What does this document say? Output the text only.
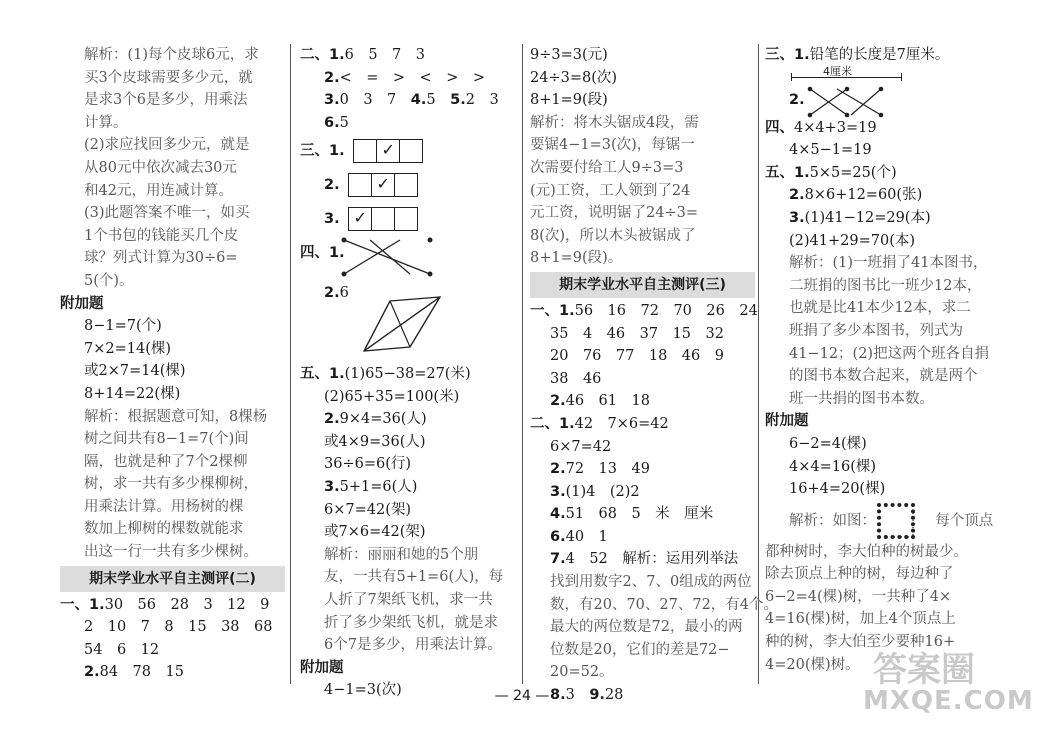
解析：(1)每个皮球6元，求
买3个皮球需要多少元，就
是求3个6是多少，用乘法
计算。
(2)求应找回多少元，就是
从80元中依次减去30元
和42元，用连减计算。
(3)此题答案不唯一，如买
1个书包的钱能买几个皮
球？列式计算为30÷6=
5(个)。
附加题
8−1=7(个)
7×2=14(棵)
或2×7=14(棵)
8+14=22(棵)
解析：根据题意可知，8棵杨
树之间共有8−1=7(个)间
隔，也就是种了7个2棵柳
树，求一共有多少棵柳树，
用乘法计算。用杨树的棵
数加上柳树的棵数就能求
出这一行一共有多少棵树。
期末学业水平自主测评(二)
一、1.30　56　28　3　12　9
2　10　7　8　15　38　68
54　6　12
2.84　78　15
二、1.6　5　7　3
2.<　=　>　<　>　>
3.0　3　7　 4.5　 5.2　3
6.5
三、1. ✓
2. ✓
3. ✓
四、1.
2.6
五、1.(1)65−38=27(米)
(2)65+35=100(米)
2.9×4=36(人)
或4×9=36(人)
36÷6=6(行)
3.5+1=6(人)
6×7=42(架)
或7×6=42(架)
解析：丽丽和她的5个朋
友，一共有5+1=6(人)，每
人折了7架纸飞机，求一共
折了多少架纸飞机，就是求
6个7是多少，用乘法计算。
附加题
4−1=3(次)
9÷3=3(元)
24÷3=8(次)
8+1=9(段)
解析：将木头锯成4段，需
要锯4−1=3(次)，每锯一
次需要付给工人9÷3=3
(元)工资，工人领到了24
元工资，说明锯了24÷3=
8(次)，所以木头被锯成了
8+1=9(段)。
期末学业水平自主测评(三)
一、1.56　16　72　70　26　24
35　4　46　37　15　32
20　76　77　18　46　9
38　46
2.46　61　18
二、1.42　7×6=42
6×7=42
2.72　13　49
3.(1)4　(2)2
4.51　68　5　米　厘米
6.40　1
7.4　52　解析：运用列举法
找到用数字2、7、0组成的两位
数，有20、70、27、72，有4个。
最大的两位数是72，最小的两
位数是20，它们的差是72−
20=52。
8.3　 9.28
三、1.铅笔的长度是7厘米。
4厘米
2.
四、4×4+3=19
4×5−1=19
五、1.5×5=25(个)
2.8×6+12=60(张)
3.(1)41−12=29(本)
(2)41+29=70(本)
解析：(1)一班捐了41本图书，
二班捐的图书比一班少12本，
也就是比41本少12本，求二
班捐了多少本图书，列式为
41−12；(2)把这两个班各自捐
的图书本数合起来，就是两个
班一共捐的图书本数。
附加题
6−2=4(棵)
4×4=16(棵)
16+4=20(棵)
解析：如图：	每个顶点
都种树时，李大伯种的树最少。
除去顶点上种的树，每边种了
6−2=4(棵)树，一共种了4×
4=16(棵)树，加上4个顶点上
种的树，李大伯至少要种16+
4=20(棵)树。
— 24 —
答案圈
MXQE.COM
